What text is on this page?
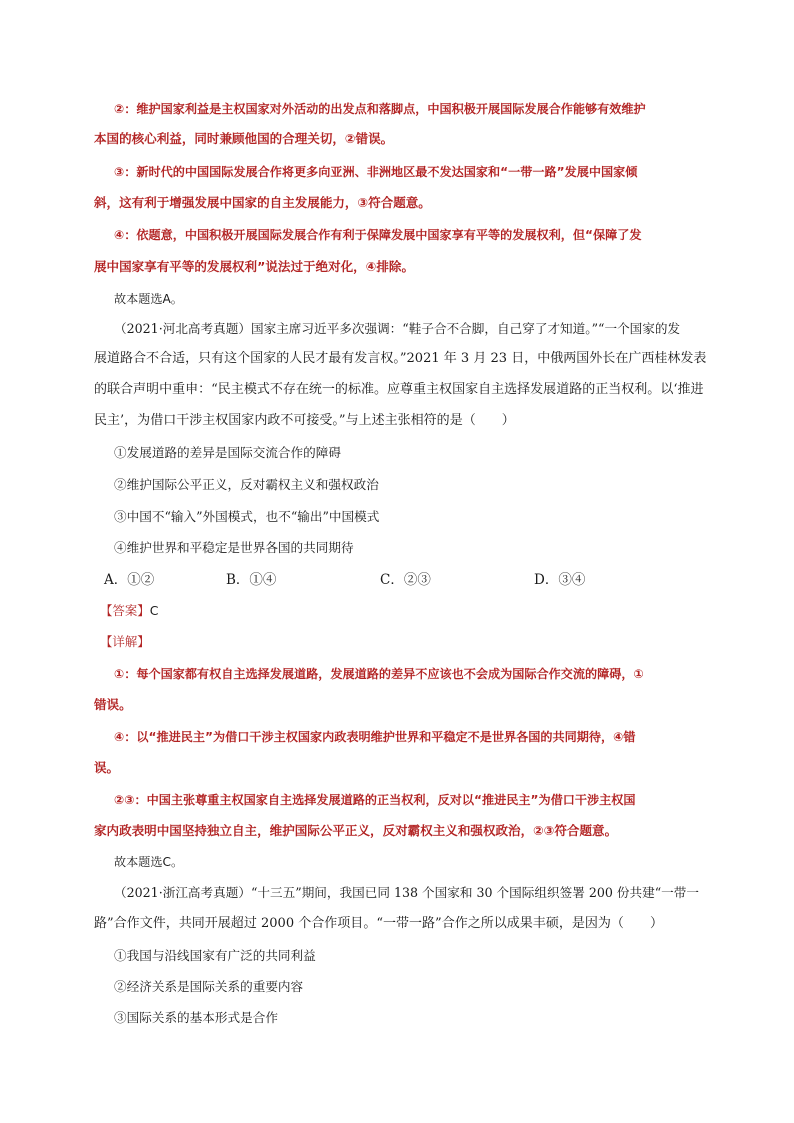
②：维护国家利益是主权国家对外活动的出发点和落脚点，中国积极开展国际发展合作能够有效维护
本国的核心利益，同时兼顾他国的合理关切，②错误。
③：新时代的中国国际发展合作将更多向亚洲、非洲地区最不发达国家和“一带一路”发展中国家倾
斜，这有利于增强发展中国家的自主发展能力，③符合题意。
④：依题意，中国积极开展国际发展合作有利于保障发展中国家享有平等的发展权利，但“保障了发
展中国家享有平等的发展权利”说法过于绝对化，④排除。
故本题选A。
（2021·河北高考真题）国家主席习近平多次强调：“鞋子合不合脚，自己穿了才知道。”“一个国家的发
展道路合不合适，只有这个国家的人民才最有发言权。”2021 年 3 月 23 日，中俄两国外长在广西桂林发表
的联合声明中重申：“民主模式不存在统一的标准。应尊重主权国家自主选择发展道路的正当权利。以‘推进
民主’，为借口干涉主权国家内政不可接受。”与上述主张相符的是（　　）
①发展道路的差异是国际交流合作的障碍
②维护国际公平正义，反对霸权主义和强权政治
③中国不“输入”外国模式，也不“输出”中国模式
④维护世界和平稳定是世界各国的共同期待
A．①②	B．①④	C．②③	D．③④
【答案】C
【详解】
①：每个国家都有权自主选择发展道路，发展道路的差异不应该也不会成为国际合作交流的障碍，①
错误。
④：以“推进民主”为借口干涉主权国家内政表明维护世界和平稳定不是世界各国的共同期待，④错
误。
②③：中国主张尊重主权国家自主选择发展道路的正当权利，反对以“推进民主”为借口干涉主权国
家内政表明中国坚持独立自主，维护国际公平正义，反对霸权主义和强权政治，②③符合题意。
故本题选C。
（2021·浙江高考真题）“十三五”期间，我国已同 138 个国家和 30 个国际组织签署 200 份共建“一带一
路”合作文件，共同开展超过 2000 个合作项目。“一带一路”合作之所以成果丰硕，是因为（　　）
①我国与沿线国家有广泛的共同利益
②经济关系是国际关系的重要内容
③国际关系的基本形式是合作
